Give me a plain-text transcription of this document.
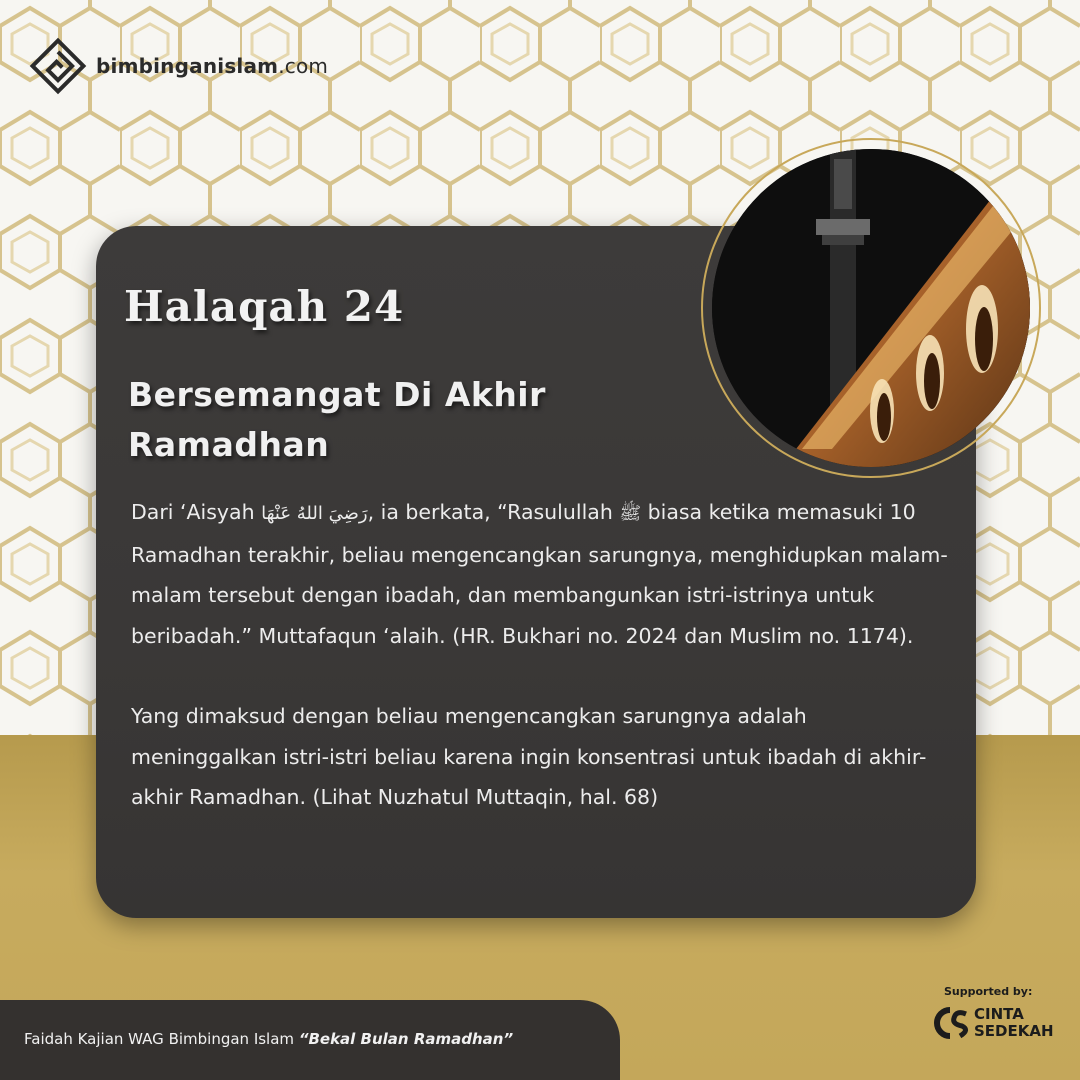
bimbinganislam.com
Halaqah 24
Bersemangat Di Akhir Ramadhan

Dari ‘Aisyah رَضِيَ اللهُ عَنْهَا, ia berkata, “Rasulullah ﷺ biasa ketika memasuki 10 Ramadhan terakhir, beliau mengencangkan sarungnya, menghidupkan malam-malam tersebut dengan ibadah, dan membangunkan istri-istrinya untuk beribadah.” Muttafaqun ‘alaih. (HR. Bukhari no. 2024 dan Muslim no. 1174).

Yang dimaksud dengan beliau mengencangkan sarungnya adalah meninggalkan istri-istri beliau karena ingin konsentrasi untuk ibadah di akhir-akhir Ramadhan. (Lihat Nuzhatul Muttaqin, hal. 68)

Faidah Kajian WAG Bimbingan Islam “Bekal Bulan Ramadhan”
Supported by:
CINTA
SEDEKAH
